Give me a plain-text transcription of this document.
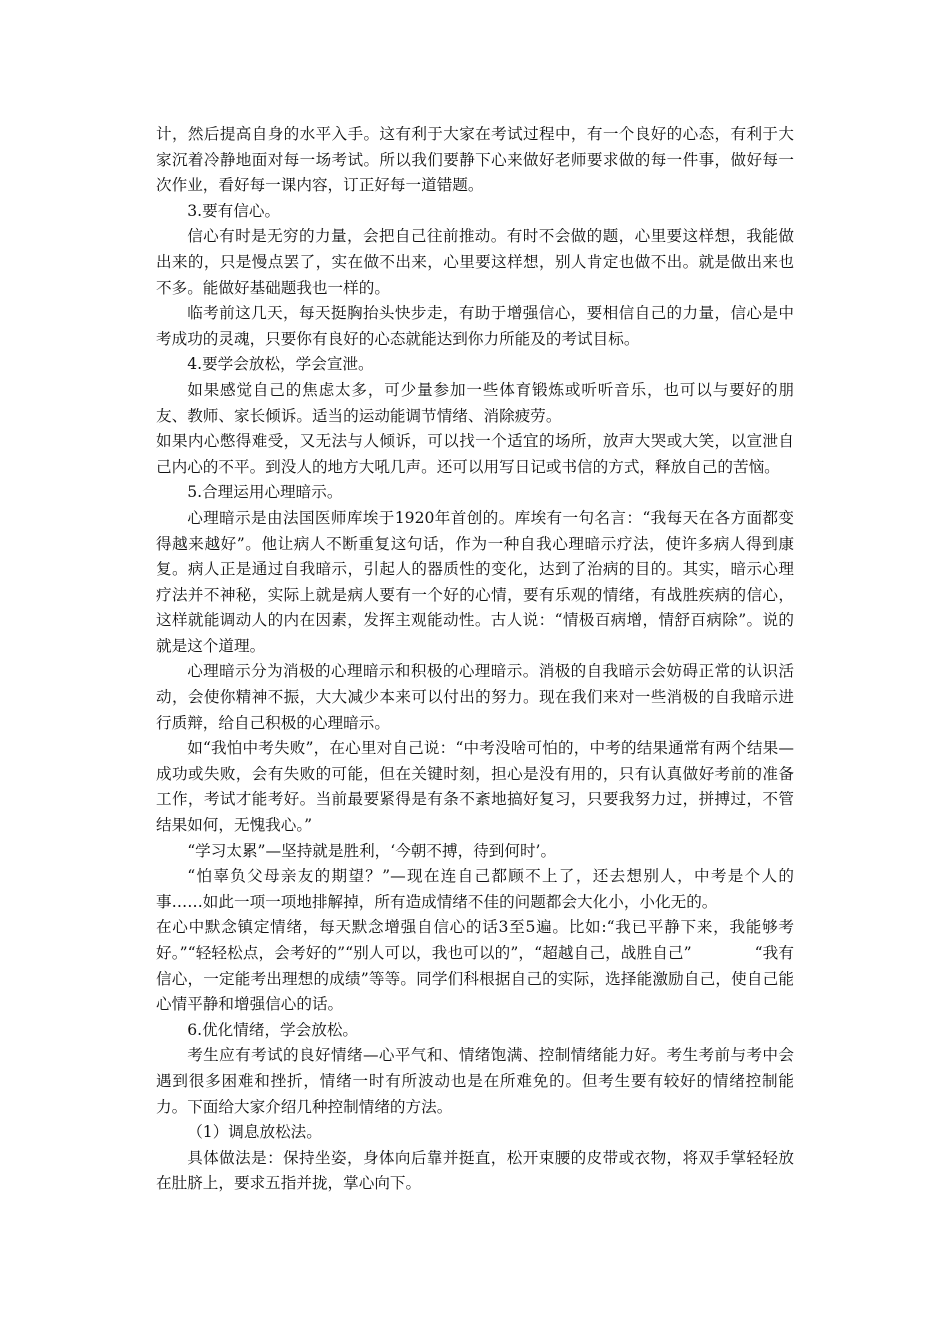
计，然后提高自身的水平入手。这有利于大家在考试过程中，有一个良好的心态，有利于大家沉着冷静地面对每一场考试。所以我们要静下心来做好老师要求做的每一件事，做好每一次作业，看好每一课内容，订正好每一道错题。

3.要有信心。

信心有时是无穷的力量，会把自己往前推动。有时不会做的题，心里要这样想，我能做出来的，只是慢点罢了，实在做不出来，心里要这样想，别人肯定也做不出。就是做出来也不多。能做好基础题我也一样的。

临考前这几天，每天挺胸抬头快步走，有助于增强信心，要相信自己的力量，信心是中考成功的灵魂，只要你有良好的心态就能达到你力所能及的考试目标。

4.要学会放松，学会宣泄。

如果感觉自己的焦虑太多，可少量参加一些体育锻炼或听听音乐，也可以与要好的朋友、教师、家长倾诉。适当的运动能调节情绪、消除疲劳。

如果内心憋得难受，又无法与人倾诉，可以找一个适宜的场所，放声大哭或大笑，以宣泄自己内心的不平。到没人的地方大吼几声。还可以用写日记或书信的方式，释放自己的苦恼。

5.合理运用心理暗示。

心理暗示是由法国医师库埃于1920年首创的。库埃有一句名言：“我每天在各方面都变得越来越好”。他让病人不断重复这句话，作为一种自我心理暗示疗法，使许多病人得到康复。病人正是通过自我暗示，引起人的器质性的变化，达到了治病的目的。其实，暗示心理疗法并不神秘，实际上就是病人要有一个好的心情，要有乐观的情绪，有战胜疾病的信心，这样就能调动人的内在因素，发挥主观能动性。古人说：“情极百病增，情舒百病除”。说的就是这个道理。

心理暗示分为消极的心理暗示和积极的心理暗示。消极的自我暗示会妨碍正常的认识活动，会使你精神不振，大大减少本来可以付出的努力。现在我们来对一些消极的自我暗示进行质辩，给自己积极的心理暗示。

如“我怕中考失败”，在心里对自己说：“中考没啥可怕的，中考的结果通常有两个结果—成功或失败，会有失败的可能，但在关键时刻，担心是没有用的，只有认真做好考前的准备工作，考试才能考好。当前最要紧得是有条不紊地搞好复习，只要我努力过，拼搏过，不管结果如何，无愧我心。”

“学习太累”—坚持就是胜利，‘今朝不搏，待到何时’。

“怕辜负父母亲友的期望？”—现在连自己都顾不上了，还去想别人，中考是个人的事……如此一项一项地排解掉，所有造成情绪不佳的问题都会大化小，小化无的。

在心中默念镇定情绪，每天默念增强自信心的话3至5遍。比如:“我已平静下来，我能够考好。”“轻轻松点，会考好的”“别人可以，我也可以的”，“超越自己，战胜自己”　　　　“我有信心，一定能考出理想的成绩”等等。同学们科根据自己的实际，选择能激励自己，使自己能心情平静和增强信心的话。

6.优化情绪，学会放松。

考生应有考试的良好情绪—心平气和、情绪饱满、控制情绪能力好。考生考前与考中会遇到很多困难和挫折，情绪一时有所波动也是在所难免的。但考生要有较好的情绪控制能力。下面给大家介绍几种控制情绪的方法。

（1）调息放松法。

具体做法是：保持坐姿，身体向后靠并挺直，松开束腰的皮带或衣物，将双手掌轻轻放在肚脐上，要求五指并拢，掌心向下。
